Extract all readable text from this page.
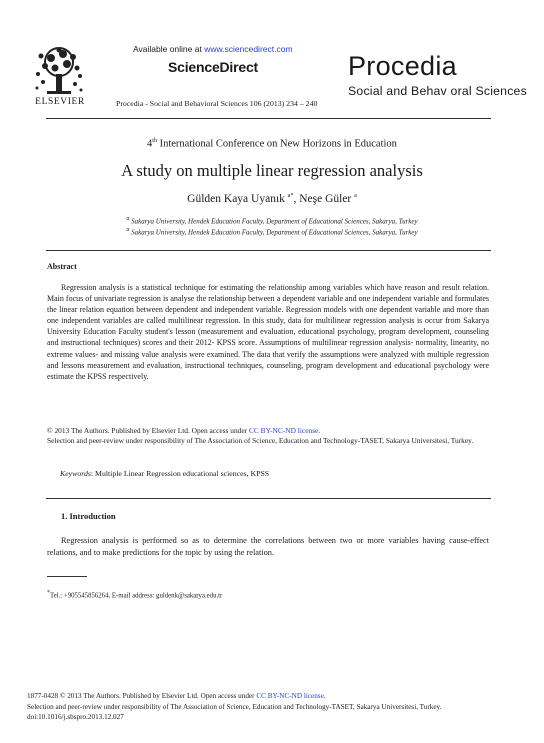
ELSEVIER
Available online at www.sciencedirect.com
ScienceDirect
Procedia - Social and Behavioral Sciences 106 (2013) 234 – 240
Procedia
Social and Behav oral Sciences
4th International Conference on New Horizons in Education
A study on multiple linear regression analysis
Gülden Kaya Uyanık $^{a*}$, Neşe Güler $^a$
$^a$ Sakarya University, Hendek Education Faculty, Department of Educational Sciences, Sakarya, Turkey
$^a$ Sakarya University, Hendek Education Faculty, Department of Educational Sciences, Sakarya, Turkey
Abstract

Regression analysis is a statistical technique for estimating the relationship among variables which have reason and result relation. Main focus of univariate regression is analyse the relationship between a dependent variable and one independent variable and formulates the linear relation equation between dependent and independent variable. Regression models with one dependent variable and more than one independent variables are called multilinear regression. In this study, data for multilinear regression analysis is occur from Sakarya University Education Faculty student's lesson (measurement and evaluation, educational psychology, program development, counseling and instructional techniques) scores and their 2012- KPSS score. Assumptions of multilinear regression analysis- normality, linearity, no extreme values- and missing value analysis were examined. The data that verify the assumptions were analyzed with multiple regression and lessons measurement and evaluation, instructional techniques, counseling, program development and educational psychology were estimate the KPSS respectively.

© 2013 The Authors. Published by Elsevier Ltd. Open access under CC BY-NC-ND license.
Selection and peer-review under responsibility of The Association of Science, Education and Technology-TASET, Sakarya Universitesi, Turkey.
Keywords: Multiple Linear Regression educational sciences, KPSS
1. Introduction

Regression analysis is performed so as to determine the correlations between two or more variables having cause-effect relations, and to make predictions for the topic by using the relation.

*Tel.: +905545856264, E-mail address: guldenk@sakarya.edu.tr
1877-0428 © 2013 The Authors. Published by Elsevier Ltd. Open access under CC BY-NC-ND license.
Selection and peer-review under responsibility of The Association of Science, Education and Technology-TASET, Sakarya Universitesi, Turkey.
doi:10.1016/j.sbspro.2013.12.027
